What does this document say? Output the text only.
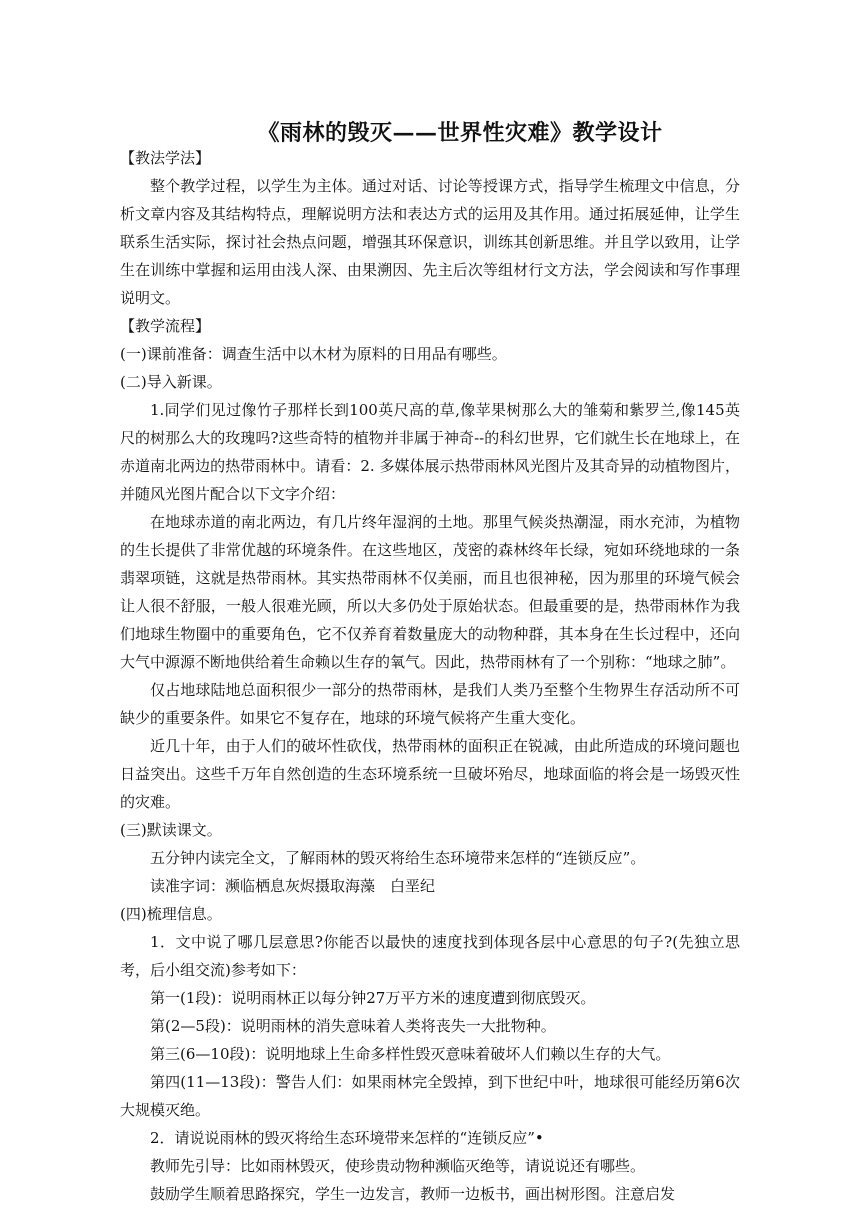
《雨林的毁灭——世界性灾难》教学设计

【教法学法】

整个教学过程，以学生为主体。通过对话、讨论等授课方式，指导学生梳理文中信息，分析文章内容及其结构特点，理解说明方法和表达方式的运用及其作用。通过拓展延伸，让学生联系生活实际，探讨社会热点问题，增强其环保意识，训练其创新思维。并且学以致用，让学生在训练中掌握和运用由浅人深、由果溯因、先主后次等组材行文方法，学会阅读和写作事理说明文。

【教学流程】

(一)课前准备：调查生活中以木材为原料的日用品有哪些。

(二)导入新课。

1.同学们见过像竹子那样长到100英尺高的草,像苹果树那么大的雏菊和紫罗兰,像145英尺的树那么大的玫瑰吗?这些奇特的植物并非属于神奇--的科幻世界，它们就生长在地球上，在赤道南北两边的热带雨林中。请看：2. 多媒体展示热带雨林风光图片及其奇异的动植物图片，并随风光图片配合以下文字介绍：

在地球赤道的南北两边，有几片终年湿润的土地。那里气候炎热潮湿，雨水充沛，为植物的生长提供了非常优越的环境条件。在这些地区，茂密的森林终年长绿，宛如环绕地球的一条翡翠项链，这就是热带雨林。其实热带雨林不仅美丽，而且也很神秘，因为那里的环境气候会让人很不舒服，一般人很难光顾，所以大多仍处于原始状态。但最重要的是，热带雨林作为我们地球生物圈中的重要角色，它不仅养育着数量庞大的动物种群，其本身在生长过程中，还向大气中源源不断地供给着生命赖以生存的氧气。因此，热带雨林有了一个别称：“地球之肺”。

仅占地球陆地总面积很少一部分的热带雨林，是我们人类乃至整个生物界生存活动所不可缺少的重要条件。如果它不复存在，地球的环境气候将产生重大变化。

近几十年，由于人们的破坏性砍伐，热带雨林的面积正在锐减，由此所造成的环境问题也日益突出。这些千万年自然创造的生态环境系统一旦破坏殆尽，地球面临的将会是一场毁灭性的灾难。

(三)默读课文。

五分钟内读完全文，了解雨林的毁灭将给生态环境带来怎样的“连锁反应”。

读准字词：濒临栖息灰烬摄取海藻　白垩纪

(四)梳理信息。

1．文中说了哪几层意思?你能否以最快的速度找到体现各层中心意思的句子?(先独立思考，后小组交流)参考如下：

第一(1段)：说明雨林正以每分钟27万平方米的速度遭到彻底毁灭。

第(2—5段)：说明雨林的消失意味着人类将丧失一大批物种。

第三(6—10段)：说明地球上生命多样性毁灭意味着破坏人们赖以生存的大气。

第四(11—13段)：警告人们：如果雨林完全毁掉，到下世纪中叶，地球很可能经历第6次大规模灭绝。

2．请说说雨林的毁灭将给生态环境带来怎样的“连锁反应”•

教师先引导：比如雨林毁灭，使珍贵动物种濒临灭绝等，请说说还有哪些。

鼓励学生顺着思路探究，学生一边发言，教师一边板书，画出树形图。注意启发
